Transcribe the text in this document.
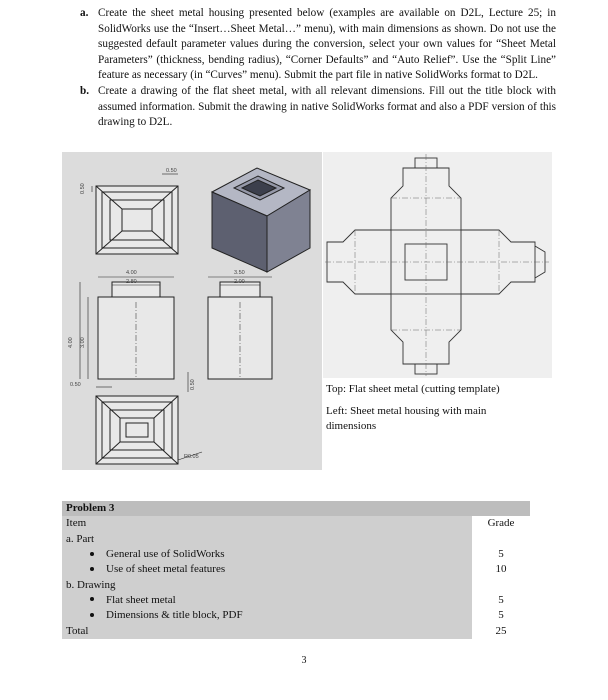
a. Create the sheet metal housing presented below (examples are available on D2L, Lecture 25; in SolidWorks use the “Insert…Sheet Metal…” menu), with main dimensions as shown. Do not use the suggested default parameter values during the conversion, select your own values for “Sheet Metal Parameters” (thickness, bending radius), “Corner Defaults” and “Auto Relief”. Use the “Split Line” feature as necessary (in “Curves” menu). Submit the part file in native SolidWorks format to D2L.

b. Create a drawing of the flat sheet metal, with all relevant dimensions. Fill out the title block with assumed information. Submit the drawing in native SolidWorks format and also a PDF version of this drawing to D2L.

0.50
0.50
4.00
2.80
3.50
2.00
4.00 3.00
0.50	0.50
R0.05
Top: Flat sheet metal (cutting template)
Left: Sheet metal housing with main dimensions
Problem 3	
Item	Grade
a. Part	
General use of SolidWorks	5
Use of sheet metal features	10
b. Drawing	
Flat sheet metal	5
Dimensions & title block, PDF	5
Total	25
3
